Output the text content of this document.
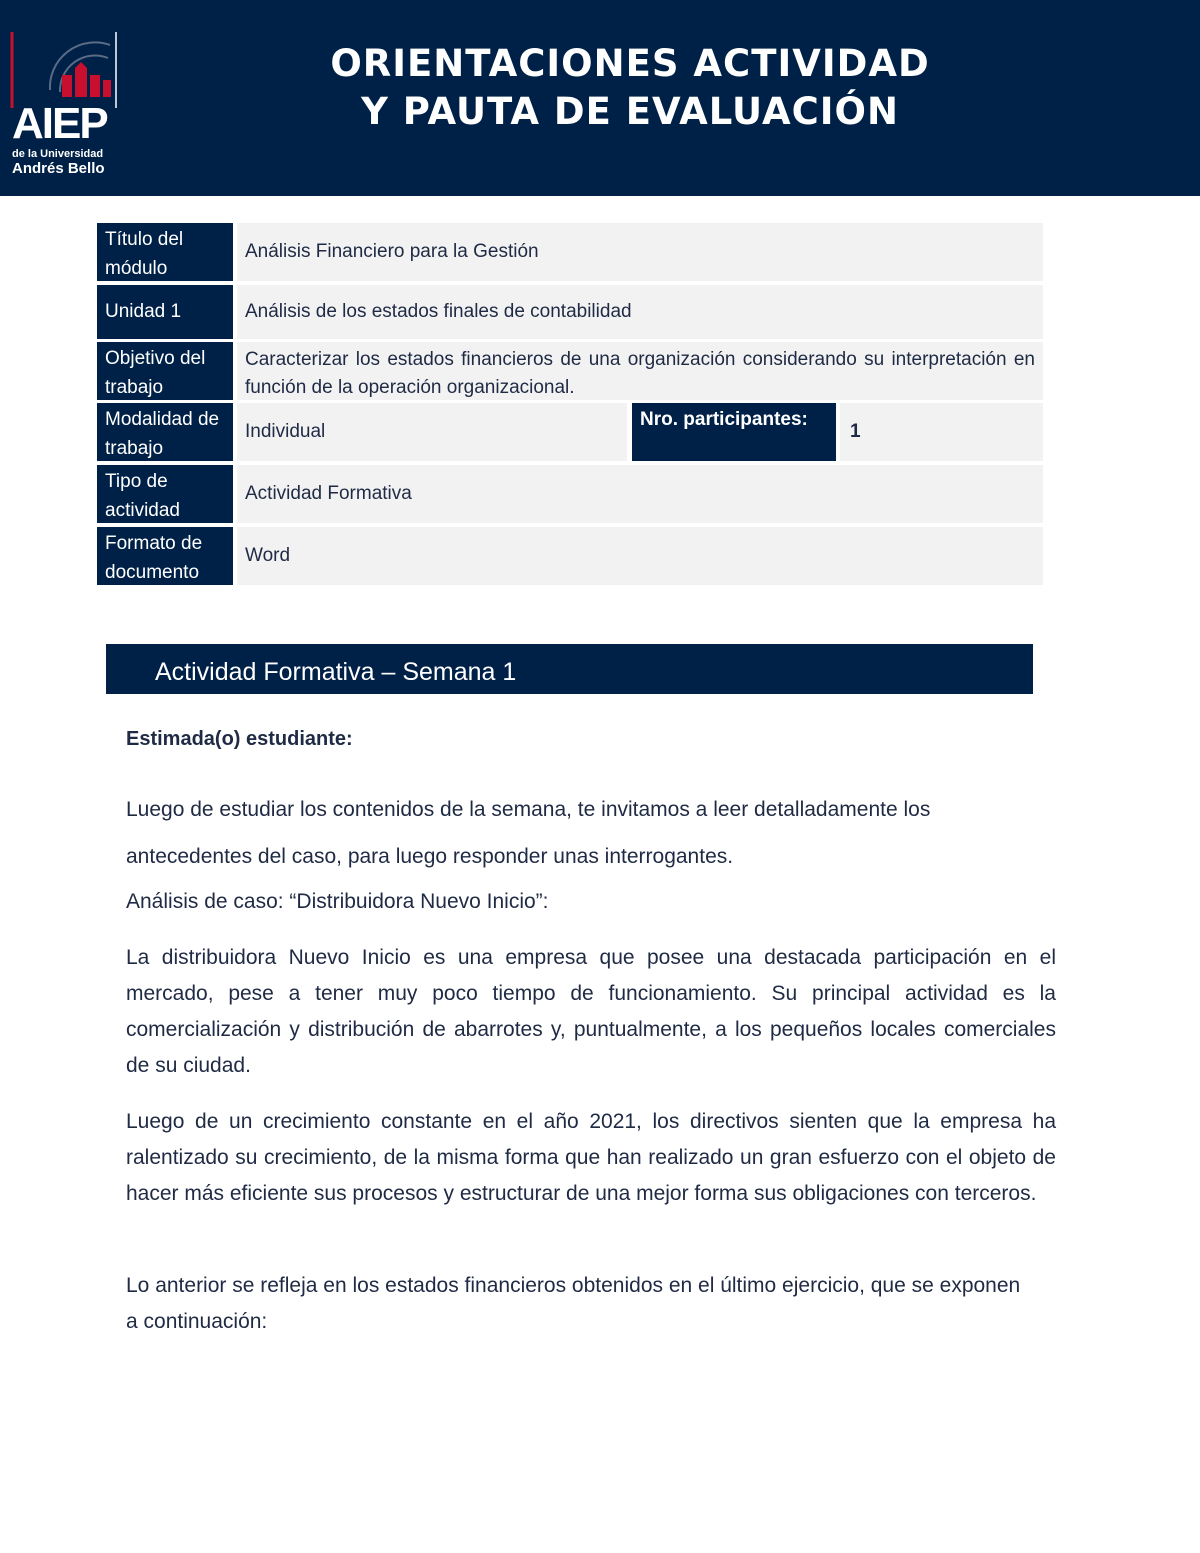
AIEP
de la Universidad
Andrés Bello
ORIENTACIONES ACTIVIDAD
Y PAUTA DE EVALUACIÓN
Título del módulo
Análisis Financiero para la Gestión
Unidad 1	Análisis de los estados finales de contabilidad
Objetivo del trabajo
Caracterizar los estados financieros de una organización considerando su interpretación en función de la operación organizacional.
Modalidad de trabajo
Individual
Nro. participantes:
1
Tipo de actividad
Actividad Formativa
Formato de documento
Word
Actividad Formativa – Semana 1
Estimada(o) estudiante:
Luego de estudiar los contenidos de la semana, te invitamos a leer detalladamente los antecedentes del caso, para luego responder unas interrogantes.
Análisis de caso: “Distribuidora Nuevo Inicio”:
La distribuidora Nuevo Inicio es una empresa que posee una destacada participación en el mercado, pese a tener muy poco tiempo de funcionamiento. Su principal actividad es la comercialización y distribución de abarrotes y, puntualmente, a los pequeños locales comerciales de su ciudad.
Luego de un crecimiento constante en el año 2021, los directivos sienten que la empresa ha ralentizado su crecimiento, de la misma forma que han realizado un gran esfuerzo con el objeto de hacer más eficiente sus procesos y estructurar de una mejor forma sus obligaciones con terceros.
Lo anterior se refleja en los estados financieros obtenidos en el último ejercicio, que se exponen a continuación:
